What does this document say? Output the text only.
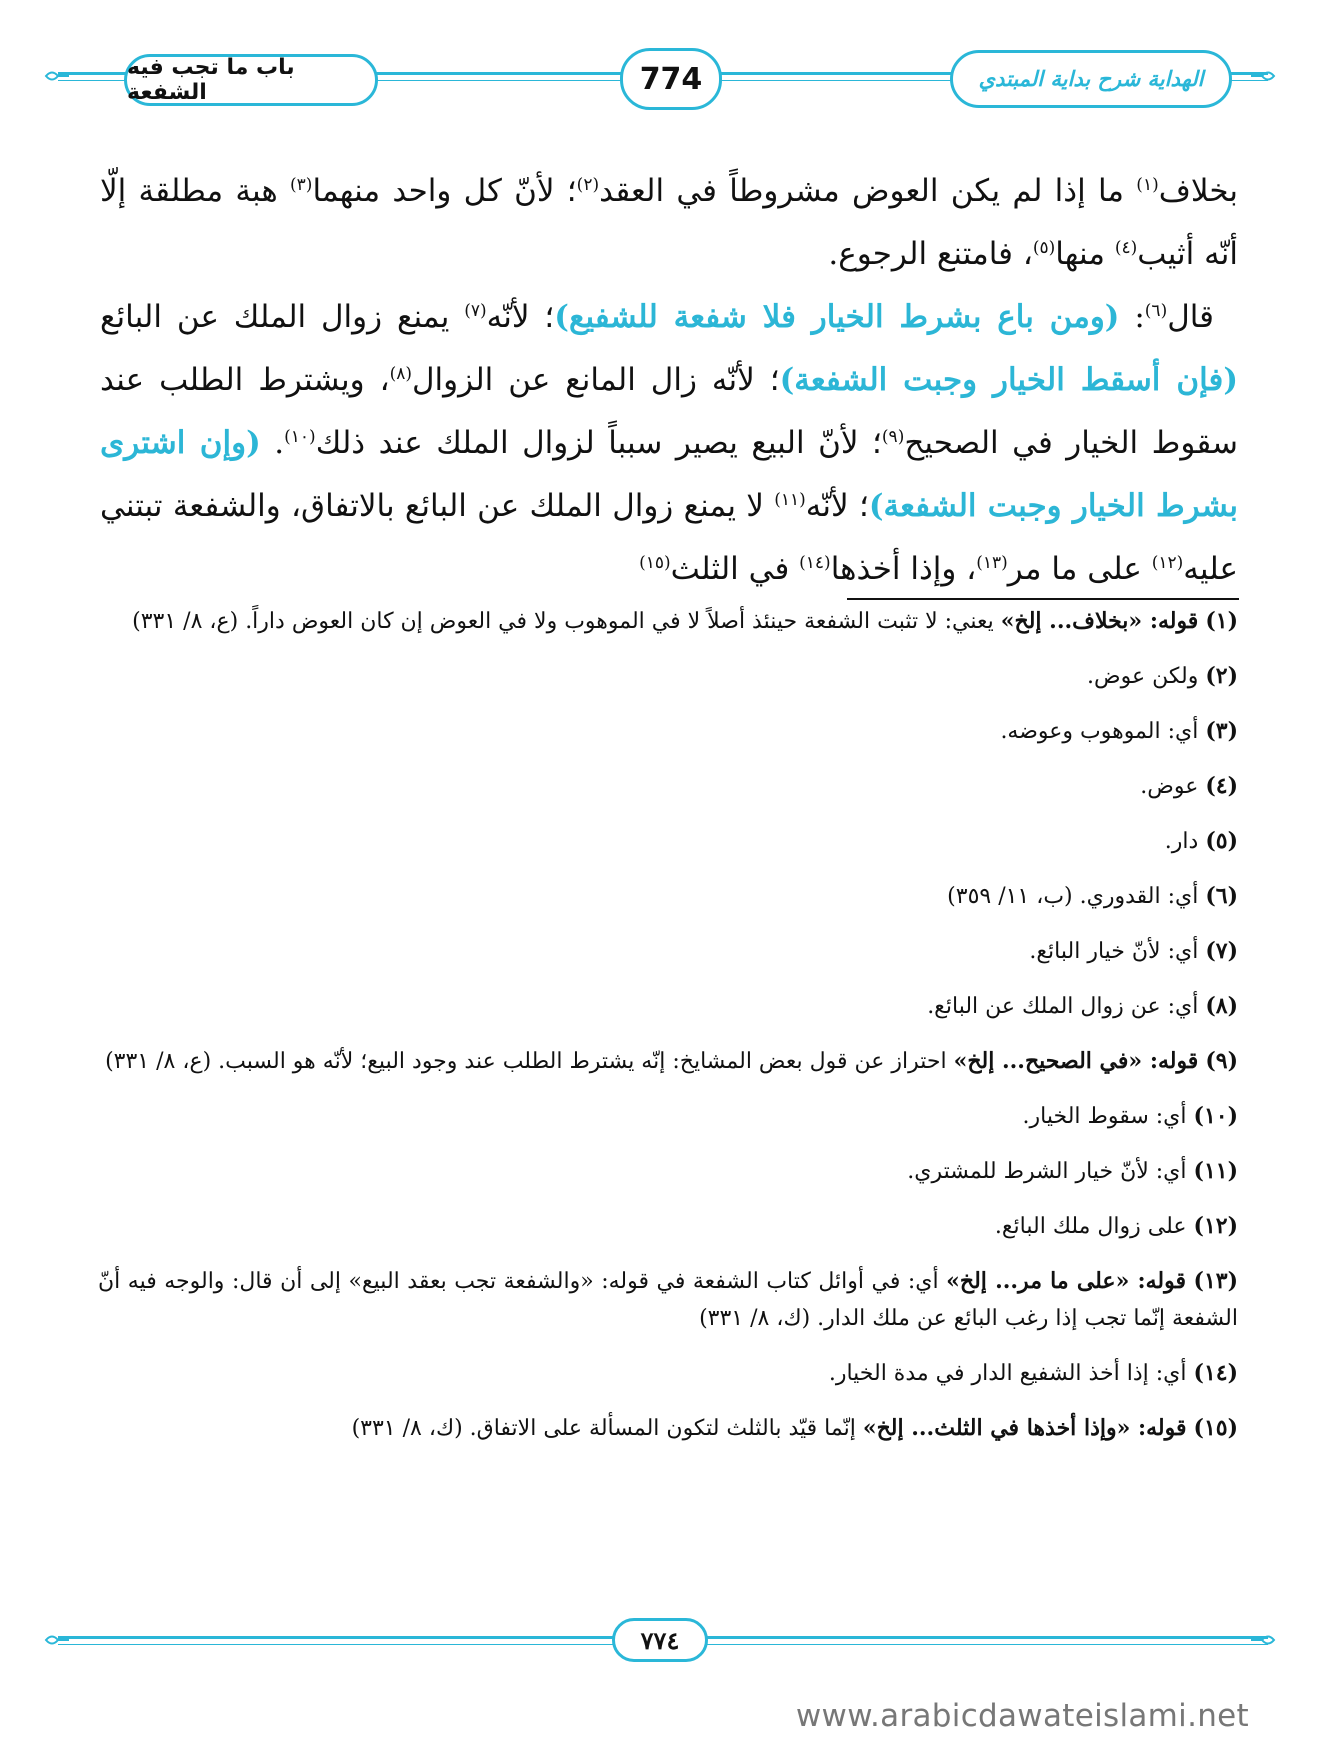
باب ما تجب فيه الشفعة	774	الهداية شرح بداية المبتدي

بخلاف$^{(١)}$ ما إذا لم يكن العوض مشروطاً في العقد$^{(٢)}$؛ لأنّ كل واحد منهما$^{(٣)}$ هبة مطلقة إلّا أنّه أثيب$^{(٤)}$ منها$^{(٥)}$، فامتنع الرجوع.

قال$^{(٦)}$: (ومن باع بشرط الخيار فلا شفعة للشفيع)؛ لأنّه$^{(٧)}$ يمنع زوال الملك عن البائع (فإن أسقط الخيار وجبت الشفعة)؛ لأنّه زال المانع عن الزوال$^{(٨)}$، ويشترط الطلب عند سقوط الخيار في الصحيح$^{(٩)}$؛ لأنّ البيع يصير سبباً لزوال الملك عند ذلك$^{(١٠)}$. (وإن اشترى بشرط الخيار وجبت الشفعة)؛ لأنّه$^{(١١)}$ لا يمنع زوال الملك عن البائع بالاتفاق، والشفعة تبتني عليه$^{(١٢)}$ على ما مر$^{(١٣)}$، وإذا أخذها$^{(١٤)}$ في الثلث$^{(١٥)}$

(١) قوله: «بخلاف... إلخ» يعني: لا تثبت الشفعة حينئذ أصلاً لا في الموهوب ولا في العوض إن كان العوض داراً. (ع، ٨/ ٣٣١)

(٢) ولكن عوض.

(٣) أي: الموهوب وعوضه.

(٤) عوض.

(٥) دار.

(٦) أي: القدوري. (ب، ١١/ ٣٥٩)

(٧) أي: لأنّ خيار البائع.

(٨) أي: عن زوال الملك عن البائع.

(٩) قوله: «في الصحيح... إلخ» احتراز عن قول بعض المشايخ: إنّه يشترط الطلب عند وجود البيع؛ لأنّه هو السبب. (ع، ٨/ ٣٣١)

(١٠) أي: سقوط الخيار.

(١١) أي: لأنّ خيار الشرط للمشتري.

(١٢) على زوال ملك البائع.

(١٣) قوله: «على ما مر... إلخ» أي: في أوائل كتاب الشفعة في قوله: «والشفعة تجب بعقد البيع» إلى أن قال: والوجه فيه أنّ الشفعة إنّما تجب إذا رغب البائع عن ملك الدار. (ك، ٨/ ٣٣١)

(١٤) أي: إذا أخذ الشفيع الدار في مدة الخيار.

(١٥) قوله: «وإذا أخذها في الثلث... إلخ» إنّما قيّد بالثلث لتكون المسألة على الاتفاق. (ك، ٨/ ٣٣١)

٧٧٤
www.arabicdawateislami.net
